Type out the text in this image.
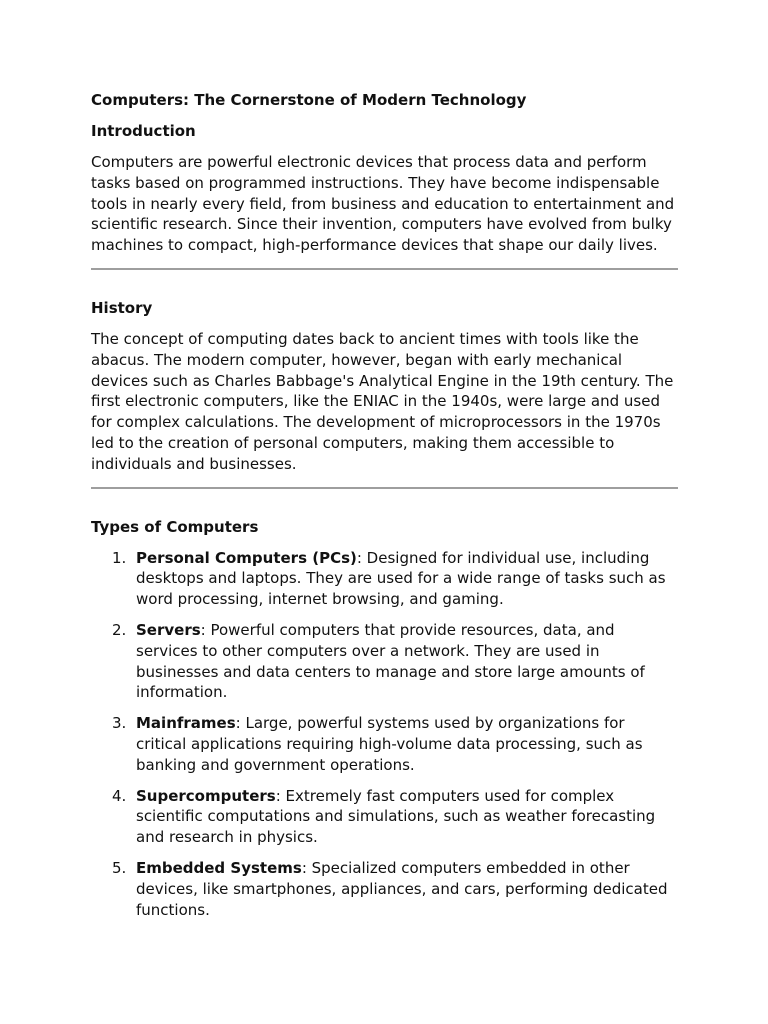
Computers: The Cornerstone of Modern Technology
Introduction

Computers are powerful electronic devices that process data and perform tasks based on programmed instructions. They have become indispensable tools in nearly every field, from business and education to entertainment and scientific research. Since their invention, computers have evolved from bulky machines to compact, high-performance devices that shape our daily lives.

History

The concept of computing dates back to ancient times with tools like the abacus. The modern computer, however, began with early mechanical devices such as Charles Babbage's Analytical Engine in the 19th century. The first electronic computers, like the ENIAC in the 1940s, were large and used for complex calculations. The development of microprocessors in the 1970s led to the creation of personal computers, making them accessible to individuals and businesses.

Types of Computers
1. Personal Computers (PCs): Designed for individual use, including desktops and laptops. They are used for a wide range of tasks such as word processing, internet browsing, and gaming.
2. Servers: Powerful computers that provide resources, data, and services to other computers over a network. They are used in businesses and data centers to manage and store large amounts of information.
3. Mainframes: Large, powerful systems used by organizations for critical applications requiring high-volume data processing, such as banking and government operations.
4. Supercomputers: Extremely fast computers used for complex scientific computations and simulations, such as weather forecasting and research in physics.
5. Embedded Systems: Specialized computers embedded in other devices, like smartphones, appliances, and cars, performing dedicated functions.
